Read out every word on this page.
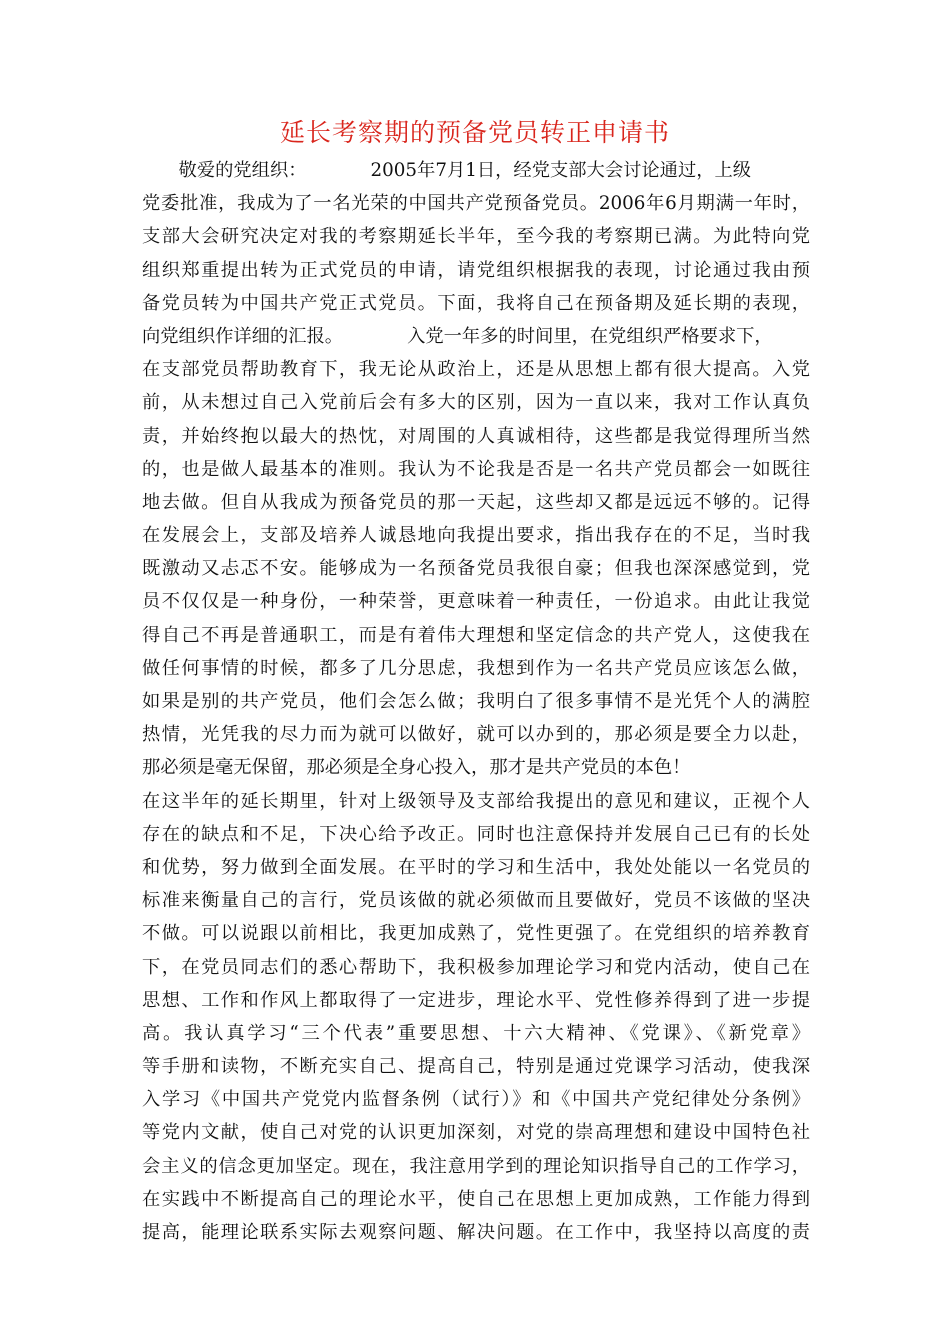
延长考察期的预备党员转正申请书
　　敬爱的党组织：　　　　2005年7月1日，经党支部大会讨论通过，上级
党委批准，我成为了一名光荣的中国共产党预备党员。2006年6月期满一年时，
支部大会研究决定对我的考察期延长半年，至今我的考察期已满。为此特向党
组织郑重提出转为正式党员的申请，请党组织根据我的表现，讨论通过我由预
备党员转为中国共产党正式党员。下面，我将自己在预备期及延长期的表现，
向党组织作详细的汇报。　　　　入党一年多的时间里，在党组织严格要求下，
在支部党员帮助教育下，我无论从政治上，还是从思想上都有很大提高。入党
前，从未想过自己入党前后会有多大的区别，因为一直以来，我对工作认真负
责，并始终抱以最大的热忱，对周围的人真诚相待，这些都是我觉得理所当然
的，也是做人最基本的准则。我认为不论我是否是一名共产党员都会一如既往
地去做。但自从我成为预备党员的那一天起，这些却又都是远远不够的。记得
在发展会上，支部及培养人诚恳地向我提出要求，指出我存在的不足，当时我
既激动又忐忑不安。能够成为一名预备党员我很自豪；但我也深深感觉到，党
员不仅仅是一种身份，一种荣誉，更意味着一种责任，一份追求。由此让我觉
得自己不再是普通职工，而是有着伟大理想和坚定信念的共产党人，这使我在
做任何事情的时候，都多了几分思虑，我想到作为一名共产党员应该怎么做，
如果是别的共产党员，他们会怎么做；我明白了很多事情不是光凭个人的满腔
热情，光凭我的尽力而为就可以做好，就可以办到的，那必须是要全力以赴，
那必须是毫无保留，那必须是全身心投入，那才是共产党员的本色！
在这半年的延长期里，针对上级领导及支部给我提出的意见和建议，正视个人
存在的缺点和不足，下决心给予改正。同时也注意保持并发展自己已有的长处
和优势，努力做到全面发展。在平时的学习和生活中，我处处能以一名党员的
标准来衡量自己的言行，党员该做的就必须做而且要做好，党员不该做的坚决
不做。可以说跟以前相比，我更加成熟了，党性更强了。在党组织的培养教育
下，在党员同志们的悉心帮助下，我积极参加理论学习和党内活动，使自己在
思想、工作和作风上都取得了一定进步，理论水平、党性修养得到了进一步提
高。我认真学习“三个代表”重要思想、十六大精神、《党课》、《新党章》
等手册和读物，不断充实自己、提高自己，特别是通过党课学习活动，使我深
入学习《中国共产党党内监督条例（试行）》和《中国共产党纪律处分条例》
等党内文献，使自己对党的认识更加深刻，对党的崇高理想和建设中国特色社
会主义的信念更加坚定。现在，我注意用学到的理论知识指导自己的工作学习，
在实践中不断提高自己的理论水平，使自己在思想上更加成熟，工作能力得到
提高，能理论联系实际去观察问题、解决问题。在工作中，我坚持以高度的责
